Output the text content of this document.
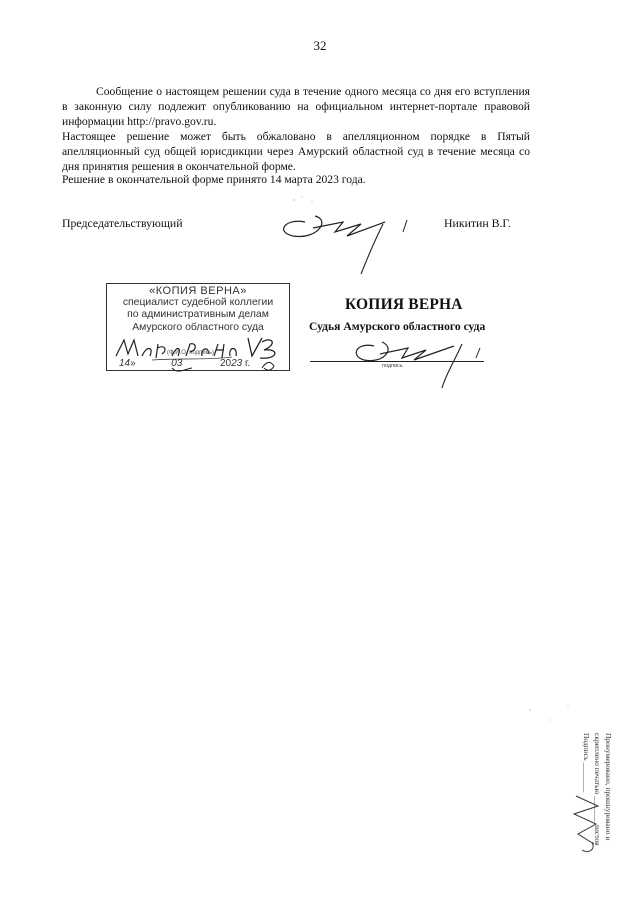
32
Сообщение о настоящем решении суда в течение одного месяца со дня его вступления в законную силу подлежит опубликованию на официальном интернет-портале правовой информации http://pravo.gov.ru.
Настоящее решение может быть обжаловано в апелляционном порядке в Пятый апелляционный суд общей юрисдикции через Амурский областной суд в течение месяца со дня принятия решения в окончательной форме.
Решение в окончательной форме принято 14 марта 2023 года.
Председательствующий	Никитин В.Г.
«КОПИЯ ВЕРНА»
специалист судебной коллегии
по административным делам
Амурского областного суда
(Ф.И.О. подпись)
14»	03	2023 г.
КОПИЯ ВЕРНА
Судья Амурского областного суда
подпись
Пронумеровано, прошнуровано и
скреплено печатью _______ листов
Подпись ________
